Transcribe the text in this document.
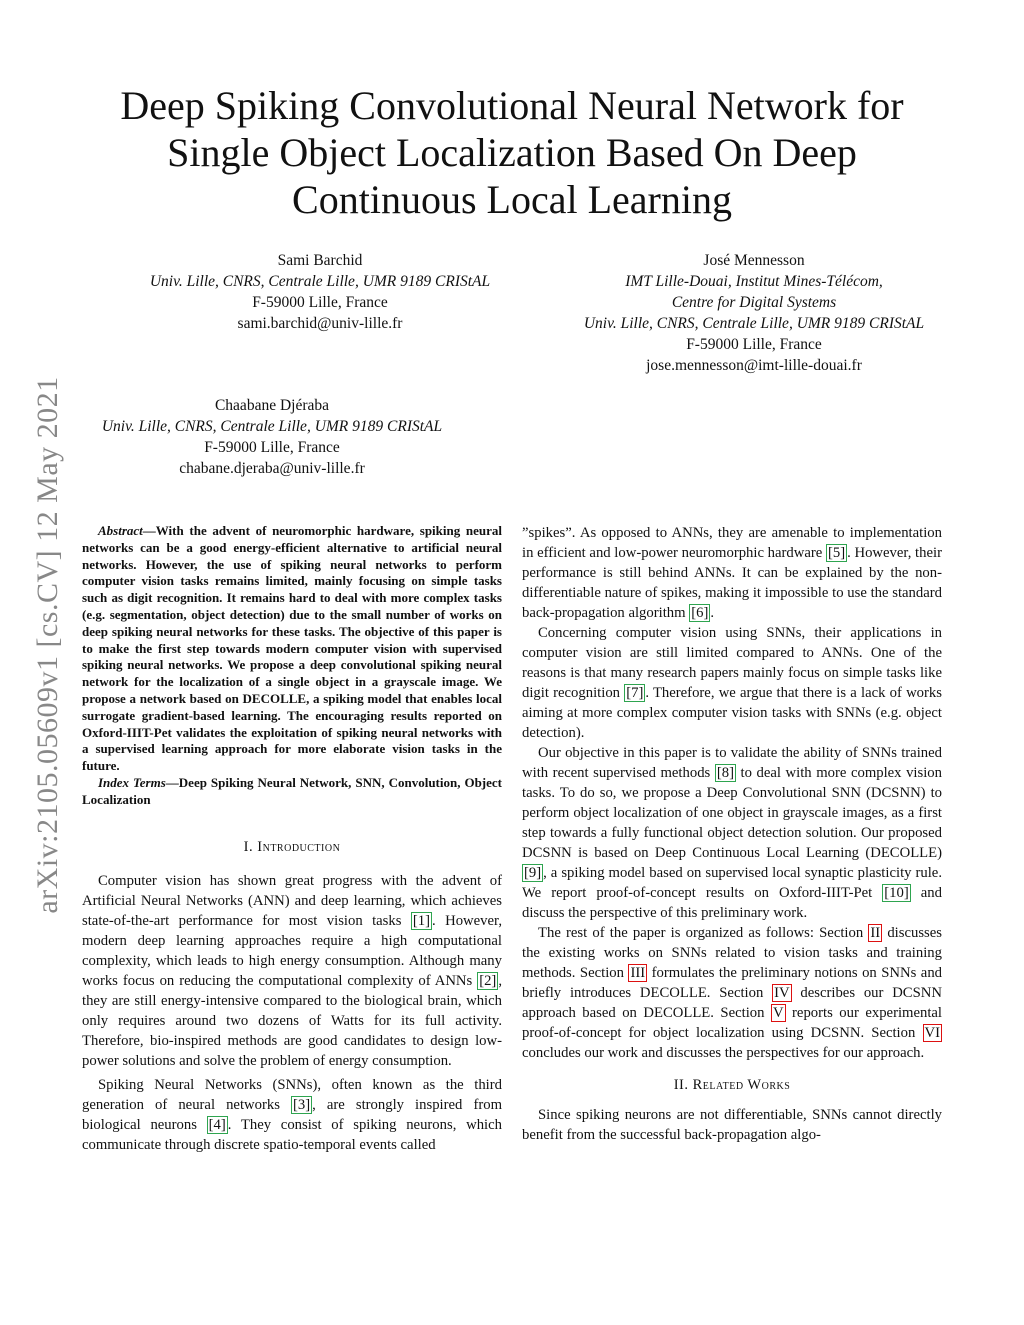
arXiv:2105.05609v1 [cs.CV] 12 May 2021
Deep Spiking Convolutional Neural Network for
Single Object Localization Based On Deep
Continuous Local Learning
Sami Barchid
Univ. Lille, CNRS, Centrale Lille, UMR 9189 CRIStAL
F-59000 Lille, France
sami.barchid@univ-lille.fr
José Mennesson
IMT Lille-Douai, Institut Mines-Télécom,
Centre for Digital Systems
Univ. Lille, CNRS, Centrale Lille, UMR 9189 CRIStAL
F-59000 Lille, France
jose.mennesson@imt-lille-douai.fr
Chaabane Djéraba
Univ. Lille, CNRS, Centrale Lille, UMR 9189 CRIStAL
F-59000 Lille, France
chabane.djeraba@univ-lille.fr

Abstract—With the advent of neuromorphic hardware, spiking neural networks can be a good energy-efficient alternative to artificial neural networks. However, the use of spiking neural networks to perform computer vision tasks remains limited, mainly focusing on simple tasks such as digit recognition. It remains hard to deal with more complex tasks (e.g. segmentation, object detection) due to the small number of works on deep spiking neural networks for these tasks. The objective of this paper is to make the first step towards modern computer vision with supervised spiking neural networks. We propose a deep convolutional spiking neural network for the localization of a single object in a grayscale image. We propose a network based on DECOLLE, a spiking model that enables local surrogate gradient-based learning. The encouraging results reported on Oxford-IIIT-Pet validates the exploitation of spiking neural networks with a supervised learning approach for more elaborate vision tasks in the future.

Index Terms—Deep Spiking Neural Network, SNN, Convolution, Object Localization

I. Introduction

Computer vision has shown great progress with the advent of Artificial Neural Networks (ANN) and deep learning, which achieves state-of-the-art performance for most vision tasks [1] . However, modern deep learning approaches require a high computational complexity, which leads to high energy consumption. Although many works focus on reducing the computational complexity of ANNs [2] , they are still energy-intensive compared to the biological brain, which only requires around two dozens of Watts for its full activity. Therefore, bio-inspired methods are good candidates to design low-power solutions and solve the problem of energy consumption.

Spiking Neural Networks (SNNs), often known as the third generation of neural networks [3] , are strongly inspired from biological neurons [4] . They consist of spiking neurons, which communicate through discrete spatio-temporal events called

”spikes”. As opposed to ANNs, they are amenable to implementation in efficient and low-power neuromorphic hardware [5] . However, their performance is still behind ANNs. It can be explained by the non-differentiable nature of spikes, making it impossible to use the standard back-propagation algorithm [6] .

Concerning computer vision using SNNs, their applications in computer vision are still limited compared to ANNs. One of the reasons is that many research papers mainly focus on simple tasks like digit recognition [7] . Therefore, we argue that there is a lack of works aiming at more complex computer vision tasks with SNNs (e.g. object detection).

Our objective in this paper is to validate the ability of SNNs trained with recent supervised methods [8] to deal with more complex vision tasks. To do so, we propose a Deep Convolutional SNN (DCSNN) to perform object localization of one object in grayscale images, as a first step towards a fully functional object detection solution. Our proposed DCSNN is based on Deep Continuous Local Learning (DECOLLE) [9] , a spiking model based on supervised local synaptic plasticity rule. We report proof-of-concept results on Oxford-IIIT-Pet [10] and discuss the perspective of this preliminary work.

The rest of the paper is organized as follows: Section II discusses the existing works on SNNs related to vision tasks and training methods. Section III formulates the preliminary notions on SNNs and briefly introduces DECOLLE. Section IV describes our DCSNN approach based on DECOLLE. Section V reports our experimental proof-of-concept for object localization using DCSNN. Section VI concludes our work and discusses the perspectives for our approach.

II. Related Works

Since spiking neurons are not differentiable, SNNs cannot directly benefit from the successful back-propagation algo-
